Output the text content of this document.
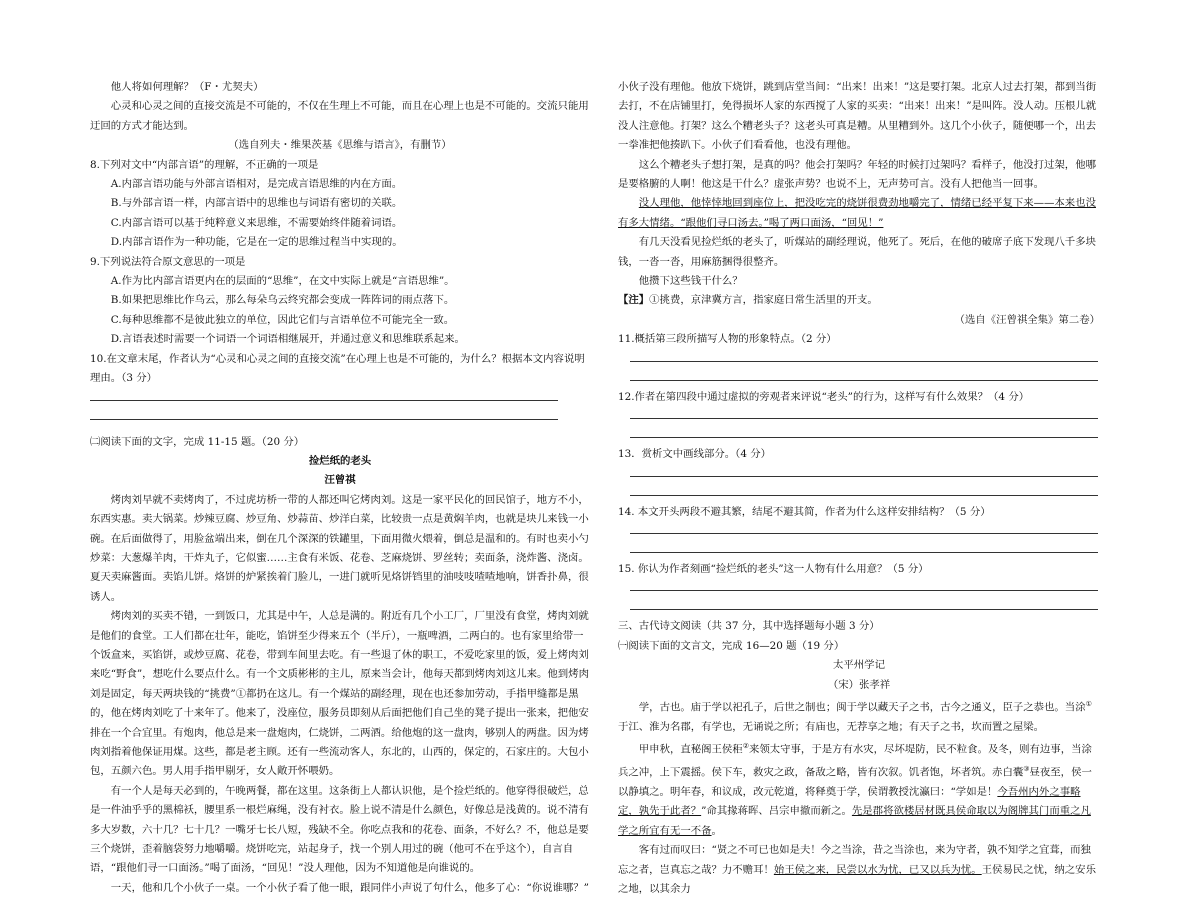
他人将如何理解？（F・尤契夫）

心灵和心灵之间的直接交流是不可能的，不仅在生理上不可能，而且在心理上也是不可能的。交流只能用迂回的方式才能达到。

（选自列夫・维果茨基《思维与语言》，有删节）

8.下列对文中“内部言语”的理解，不正确的一项是

A.内部言语功能与外部言语相对，是完成言语思维的内在方面。

B.与外部言语一样，内部言语中的思维也与词语有密切的关联。

C.内部言语可以基于纯粹意义来思维，不需要始终伴随着词语。

D.内部言语作为一种功能，它是在一定的思维过程当中实现的。

9.下列说法符合原文意思的一项是

A.作为比内部言语更内在的层面的“思维”，在文中实际上就是“言语思维”。

B.如果把思维比作乌云，那么每朵乌云终究都会变成一阵阵词的雨点落下。

C.每种思维都不是彼此独立的单位，因此它们与言语单位不可能完全一致。

D.言语表述时需要一个词语一个词语相继展开，并通过意义和思维联系起来。

10.在文章末尾，作者认为“心灵和心灵之间的直接交流”在心理上也是不可能的，为什么？根据本文内容说明理由。（3 分）

㈡阅读下面的文字，完成 11-15 题。（20 分）

捡烂纸的老头

汪曾祺

烤肉刘早就不卖烤肉了，不过虎坊桥一带的人都还叫它烤肉刘。这是一家平民化的回民馆子，地方不小，东西实惠。卖大锅菜。炒辣豆腐、炒豆角、炒蒜苗、炒洋白菜，比较贵一点是黄焖羊肉，也就是块儿来钱一小碗。在后面做得了，用脸盆端出来，倒在几个深深的铁罐里，下面用微火煨着，倒总是温和的。有时也卖小勺炒菜：大葱爆羊肉，干炸丸子，它似蜜……主食有米饭、花卷、芝麻烧饼、罗丝转；卖面条，浇炸酱、浇卤。夏天卖麻酱面。卖馅儿饼。烙饼的炉紧挨着门脸儿，一进门就听见烙饼铛里的油吱吱喳喳地响，饼香扑鼻，很诱人。

烤肉刘的买卖不错，一到饭口，尤其是中午，人总是满的。附近有几个小工厂，厂里没有食堂，烤肉刘就是他们的食堂。工人们都在壮年，能吃，馅饼至少得来五个（半斤），一瓶啤酒，二两白的。也有家里给带一个饭盒来，买馅饼，或炒豆腐、花卷，带到车间里去吃。有一些退了休的职工，不爱吃家里的饭，爱上烤肉刘来吃“野食”，想吃什么要点什么。有一个文质彬彬的主儿，原来当会计，他每天都到烤肉刘这儿来。他到烤肉刘是固定，每天两块钱的“挑费”①都扔在这儿。有一个煤站的副经理，现在也还参加劳动，手指甲缝都是黑的，他在烤肉刘吃了十来年了。他来了，没座位，服务员即刻从后面把他们自己坐的凳子提出一张来，把他安排在一个合宜里。有炮肉，他总是来一盘炮肉，仁烧饼，二两酒。给他炮的这一盘肉，够别人的两盘。因为烤肉刘指着他保证用煤。这些，都是老主顾。还有一些流动客人，东北的，山西的，保定的，石家庄的。大包小包，五颜六色。男人用手指甲剔牙，女人敞开怀喂奶。

有一个人是每天必到的，午晚两餐，都在这里。这条街上人都认识他，是个捡烂纸的。他穿得很破烂，总是一件油乎乎的黑棉袄，腰里系一根烂麻绳，没有衬衣。脸上说不清是什么颜色，好像总是浅黄的。说不清有多大岁数，六十几？七十几？一嘴牙七长八短，残缺不全。你吃点我和的花卷、面条，不好么？不，他总是要三个烧饼，歪着脑袋努力地嚼嚼。烧饼吃完，站起身子，找一个别人用过的碗（他可不在乎这个），自言自语，“跟他们寻一口面汤。”喝了面汤，“回见！”没人理他，因为不知道他是向谁说的。

一天，他和几个小伙子一桌。一个小伙子看了他一眼，跟同伴小声说了句什么，他多了心：“你说谁哪？”

小伙子没有理他。他放下烧饼，跳到店堂当间：“出来！出来！”这是要打架。北京人过去打架，都到当街去打，不在店铺里打，免得损坏人家的东西搅了人家的买卖：“出来！出来！”是叫阵。没人动。压根儿就没人注意他。打架？这么个糟老头子？这老头可真是糟。从里糟到外。这几个小伙子，随便哪一个，出去一拳准把他揍趴下。小伙子们看看他，也没有理他。

这么个糟老头子想打架，是真的吗？他会打架吗？年轻的时候打过架吗？看样子，他没打过架，他哪是要格腑的人啊！他这是干什么？虚张声势？也说不上，无声势可言。没有人把他当一回事。

没人理他，他悻悻地回到座位上，把没吃完的烧饼很费劲地嚼完了，情绪已经平复下来——本来也没有多大情绪。“跟他们寻口汤去。”喝了两口面汤，“回见！”

有几天没看见捡烂纸的老头了，听煤站的副经理说，他死了。死后，在他的破席子底下发现八千多块钱，一沓一沓，用麻筋捆得很整齐。

他攒下这些钱干什么？

【注】①挑费，京津冀方言，指家庭日常生活里的开支。

（选自《汪曾祺全集》第二卷）

11.概括第三段所描写人物的形象特点。（2 分）

12.作者在第四段中通过虚拟的旁观者来评说“老头”的行为，这样写有什么效果？（4 分）

13．赏析文中画线部分。（4 分）

14. 本文开头两段不避其繁，结尾不避其简，作者为什么这样安排结构？（5 分）

15. 你认为作者刻画“捡烂纸的老头”这一人物有什么用意？（5 分）

三、古代诗文阅读（共 37 分，其中选择题每小题 3 分）

㈠阅读下面的文言文，完成 16—20 题（19 分）

太平州学记

（宋）张孝祥

学，古也。庙于学以祀孔子，后世之制也；闽于学以藏天子之书，古今之通义，臣子之恭也。当涂①于江、淮为名郡，有学也，无诵说之所；有庙也，无荐享之地；有天子之书，坎而置之屋梁。

甲申秋，直秘阁王侯秬②来领太守事，于是方有水灾，尽坏堤防，民不粒食。及冬，则有边事，当涂兵之冲，上下震摇。侯下车，救灾之政，备敌之略，皆有次叙。饥者饱，坏者筑。赤白囊③昼夜至，侯一以静填之。明年春，和议成，改元乾道，将释奠于学，侯谓教授沈瀛曰：“学如是！今吾州内外之事略定，孰先于此者？”命其掾蒋晖、吕宗申撤而新之。先是郡将欲楼居材既具侯命取以为阁牌其门而重之凡学之所宜有无一不备。

客有过而叹曰：“贤之不可已也如是夫！今之当涂，昔之当涂也，来为守者，孰不知学之宜葺，而独忘之者，岂真忘之哉？力不赡耳！始王侯之来，民尝以水为忧，已又以兵为忧。王侯易民之忧，纳之安乐之地，以其余力
